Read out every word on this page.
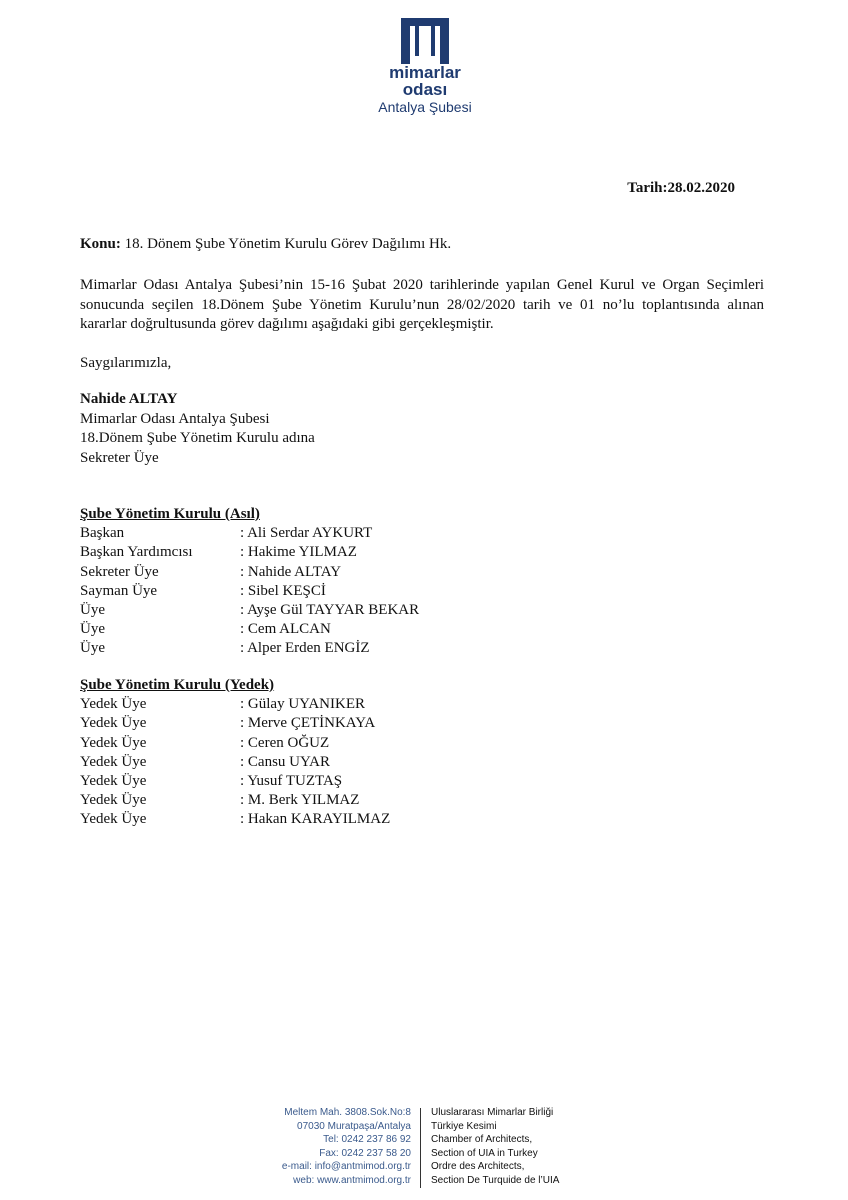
mimarlar
odası
Antalya Şubesi
Tarih:28.02.2020
Konu: 18. Dönem Şube Yönetim Kurulu Görev Dağılımı Hk.
Mimarlar Odası Antalya Şubesi’nin 15-16 Şubat 2020 tarihlerinde yapılan Genel Kurul ve Organ Seçimleri sonucunda seçilen 18.Dönem Şube Yönetim Kurulu’nun 28/02/2020 tarih ve 01 no’lu toplantısında alınan kararlar doğrultusunda görev dağılımı aşağıdaki gibi gerçekleşmiştir.
Saygılarımızla,
Nahide ALTAY
Mimarlar Odası Antalya Şubesi
18.Dönem Şube Yönetim Kurulu adına
Sekreter Üye
Şube Yönetim Kurulu (Asıl)
Başkan	: Ali Serdar AYKURT
Başkan Yardımcısı	: Hakime YILMAZ
Sekreter Üye	: Nahide ALTAY
Sayman Üye	: Sibel KEŞCİ
Üye	: Ayşe Gül TAYYAR BEKAR
Üye	: Cem ALCAN
Üye	: Alper Erden ENGİZ
Şube Yönetim Kurulu (Yedek)
Yedek Üye	: Gülay UYANIKER
Yedek Üye	: Merve ÇETİNKAYA
Yedek Üye	: Ceren OĞUZ
Yedek Üye	: Cansu UYAR
Yedek Üye	: Yusuf TUZTAŞ
Yedek Üye	: M. Berk YILMAZ
Yedek Üye	: Hakan KARAYILMAZ
Meltem Mah. 3808.Sok.No:8
07030 Muratpaşa/Antalya
Tel: 0242 237 86 92
Fax: 0242 237 58 20
e-mail: info@antmimod.org.tr
web: www.antmimod.org.tr
Uluslararası Mimarlar Birliği
Türkiye Kesimi
Chamber of Architects,
Section of UIA in Turkey
Ordre des Architects,
Section De Turquide de l’UIA
